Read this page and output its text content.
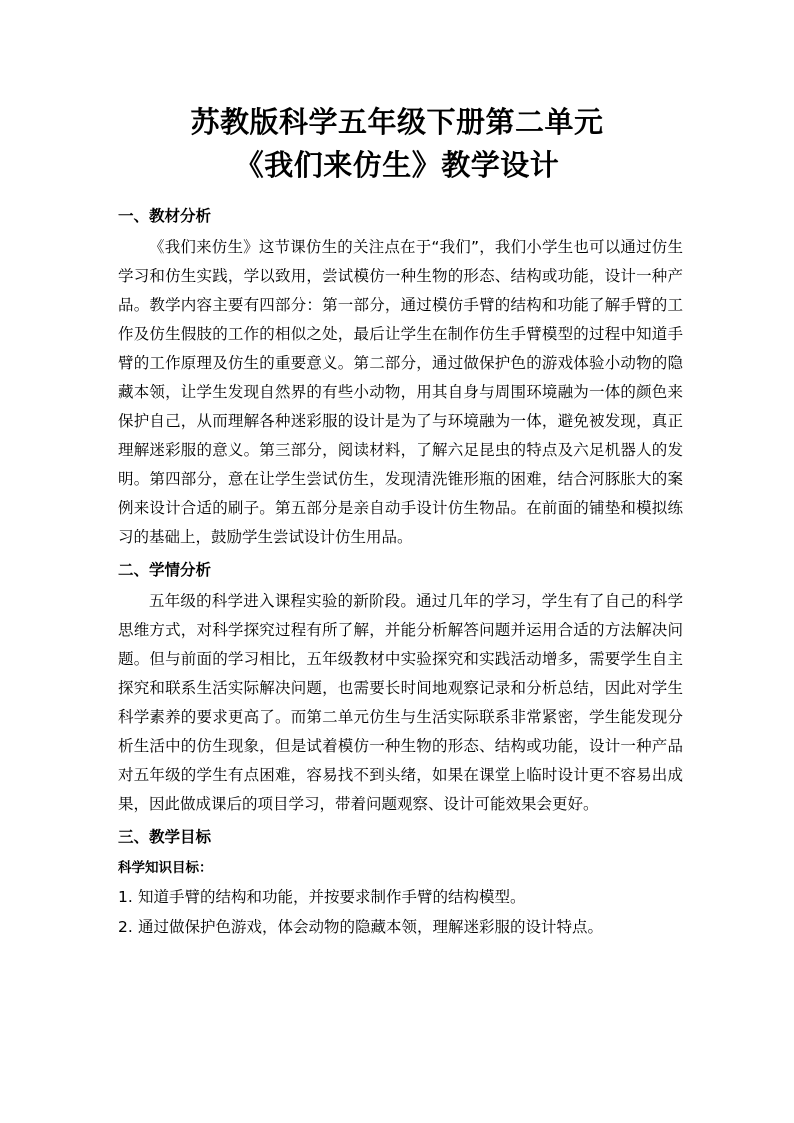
苏教版科学五年级下册第二单元
《我们来仿生》教学设计
一、教材分析

《我们来仿生》这节课仿生的关注点在于“我们”，我们小学生也可以通过仿生学习和仿生实践，学以致用，尝试模仿一种生物的形态、结构或功能，设计一种产品。教学内容主要有四部分：第一部分，通过模仿手臂的结构和功能了解手臂的工作及仿生假肢的工作的相似之处，最后让学生在制作仿生手臂模型的过程中知道手臂的工作原理及仿生的重要意义。第二部分，通过做保护色的游戏体验小动物的隐藏本领，让学生发现自然界的有些小动物，用其自身与周围环境融为一体的颜色来保护自己，从而理解各种迷彩服的设计是为了与环境融为一体，避免被发现，真正理解迷彩服的意义。第三部分，阅读材料，了解六足昆虫的特点及六足机器人的发明。第四部分，意在让学生尝试仿生，发现清洗锥形瓶的困难，结合河豚胀大的案例来设计合适的刷子。第五部分是亲自动手设计仿生物品。在前面的铺垫和模拟练习的基础上，鼓励学生尝试设计仿生用品。

二、学情分析

五年级的科学进入课程实验的新阶段。通过几年的学习，学生有了自己的科学思维方式，对科学探究过程有所了解，并能分析解答问题并运用合适的方法解决问题。但与前面的学习相比，五年级教材中实验探究和实践活动增多，需要学生自主探究和联系生活实际解决问题，也需要长时间地观察记录和分析总结，因此对学生科学素养的要求更高了。而第二单元仿生与生活实际联系非常紧密，学生能发现分析生活中的仿生现象，但是试着模仿一种生物的形态、结构或功能，设计一种产品对五年级的学生有点困难，容易找不到头绪，如果在课堂上临时设计更不容易出成果，因此做成课后的项目学习，带着问题观察、设计可能效果会更好。

三、教学目标
科学知识目标：
1. 知道手臂的结构和功能，并按要求制作手臂的结构模型。
2. 通过做保护色游戏，体会动物的隐藏本领，理解迷彩服的设计特点。
